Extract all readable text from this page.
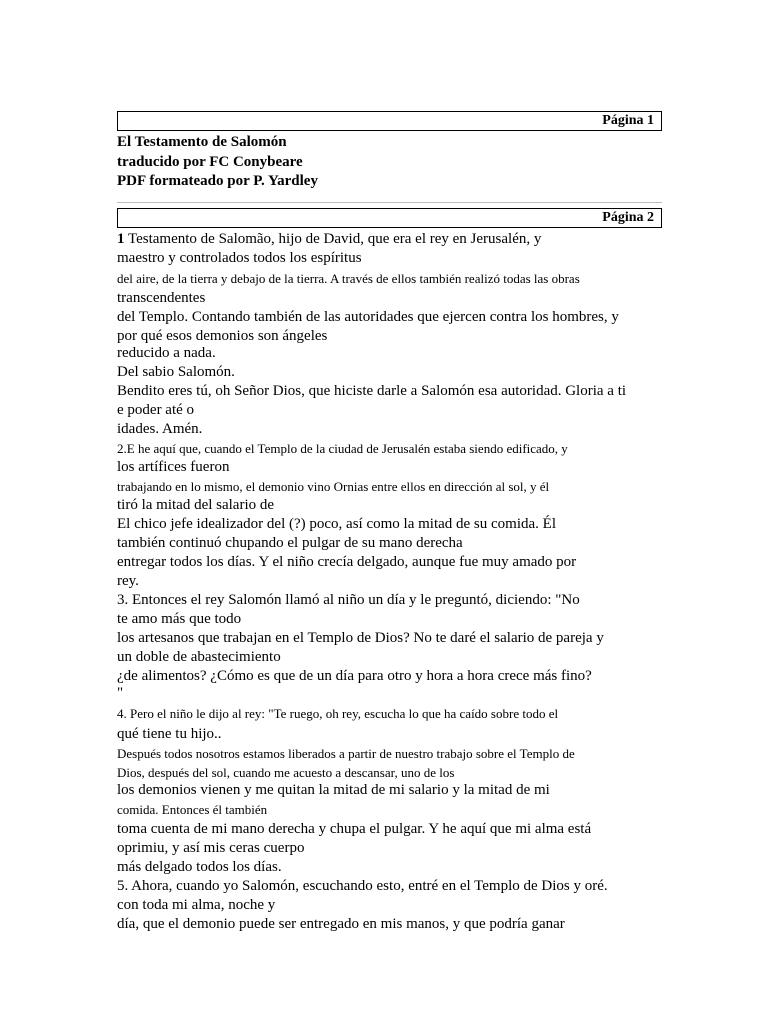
Página 1
El Testamento de Salomón
traducido por FC Conybeare
PDF formateado por P. Yardley
Página 2
1 Testamento de Salomão, hijo de David, que era el rey en Jerusalén, y
maestro y controlados todos los espíritus
del aire, de la tierra y debajo de la tierra. A través de ellos también realizó todas las obras
transcendentes
del Templo. Contando también de las autoridades que ejercen contra los hombres, y
por qué esos demonios son ángeles
reducido a nada.
Del sabio Salomón.
Bendito eres tú, oh Señor Dios, que hiciste darle a Salomón esa autoridad. Gloria a ti
e poder até o
idades. Amén.
2.E he aquí que, cuando el Templo de la ciudad de Jerusalén estaba siendo edificado, y
los artífices fueron
trabajando en lo mismo, el demonio vino Ornias entre ellos en dirección al sol, y él
tiró la mitad del salario de
El chico jefe idealizador del (?) poco, así como la mitad de su comida. Él
también continuó chupando el pulgar de su mano derecha
entregar todos los días. Y el niño crecía delgado, aunque fue muy amado por
rey.
3. Entonces el rey Salomón llamó al niño un día y le preguntó, diciendo: "No
te amo más que todo
los artesanos que trabajan en el Templo de Dios? No te daré el salario de pareja y
un doble de abastecimiento
¿de alimentos? ¿Cómo es que de un día para otro y hora a hora crece más fino?
"
4. Pero el niño le dijo al rey: "Te ruego, oh rey, escucha lo que ha caído sobre todo el
qué tiene tu hijo..
Después todos nosotros estamos liberados a partir de nuestro trabajo sobre el Templo de
Dios, después del sol, cuando me acuesto a descansar, uno de los
los demonios vienen y me quitan la mitad de mi salario y la mitad de mi
comida. Entonces él también
toma cuenta de mi mano derecha y chupa el pulgar. Y he aquí que mi alma está
oprimiu, y así mis ceras cuerpo
más delgado todos los días.
5. Ahora, cuando yo Salomón, escuchando esto, entré en el Templo de Dios y oré.
con toda mi alma, noche y
día, que el demonio puede ser entregado en mis manos, y que podría ganar
